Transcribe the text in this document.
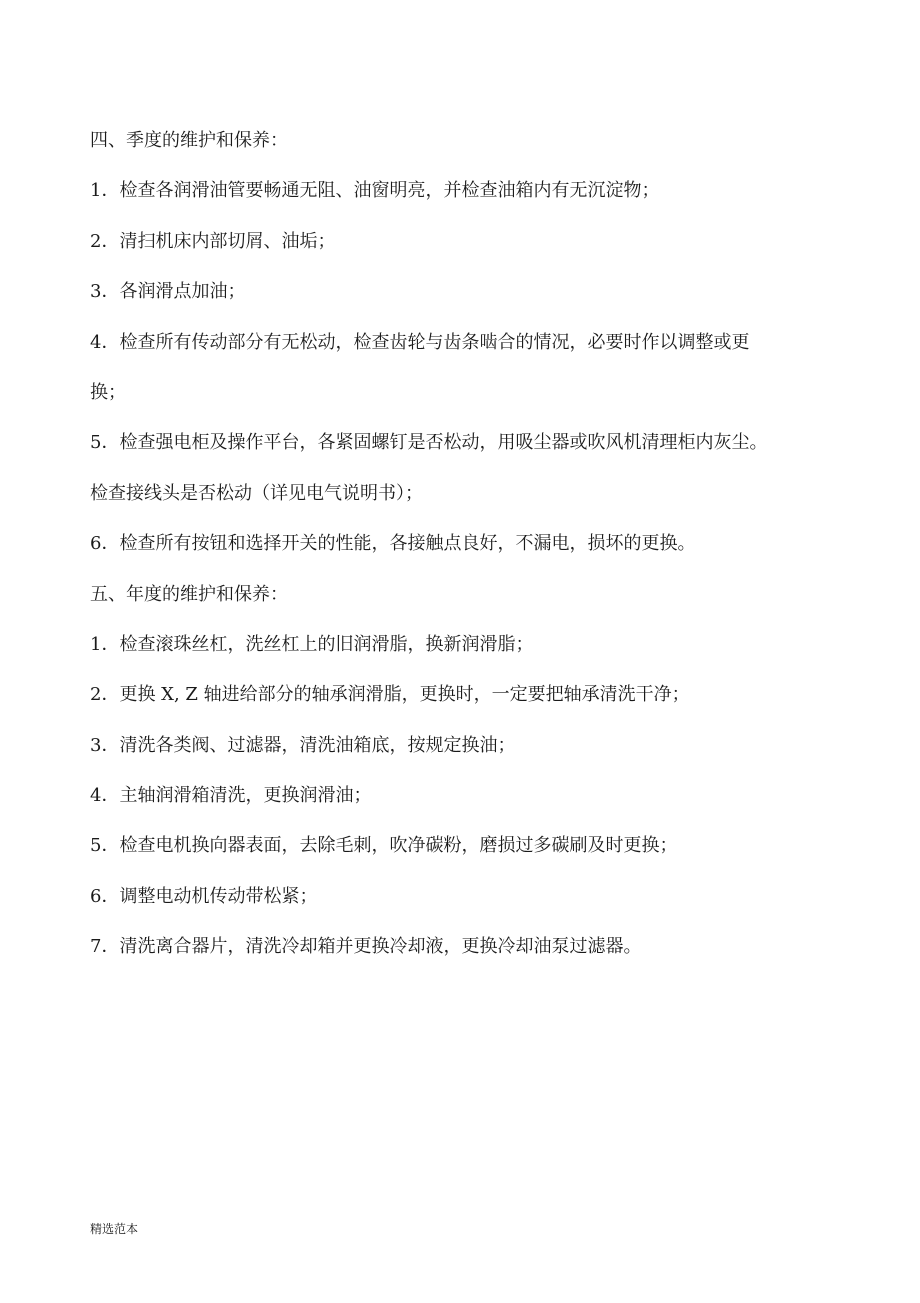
四、季度的维护和保养：
1．检查各润滑油管要畅通无阻、油窗明亮，并检查油箱内有无沉淀物；
2．清扫机床内部切屑、油垢；
3．各润滑点加油；
4．检查所有传动部分有无松动，检查齿轮与齿条啮合的情况，必要时作以调整或更
换；
5．检查强电柜及操作平台，各紧固螺钉是否松动，用吸尘器或吹风机清理柜内灰尘。
检查接线头是否松动（详见电气说明书）；
6．检查所有按钮和选择开关的性能，各接触点良好，不漏电，损坏的更换。
五、年度的维护和保养：
1．检查滚珠丝杠，洗丝杠上的旧润滑脂，换新润滑脂；
2．更换 X, Z 轴进给部分的轴承润滑脂，更换时，一定要把轴承清洗干净；
3．清洗各类阀、过滤器，清洗油箱底，按规定换油；
4．主轴润滑箱清洗，更换润滑油；
5．检查电机换向器表面，去除毛刺，吹净碳粉，磨损过多碳刷及时更换；
6．调整电动机传动带松紧；
7．清洗离合器片，清洗冷却箱并更换冷却液，更换冷却油泵过滤器。
精选范本
